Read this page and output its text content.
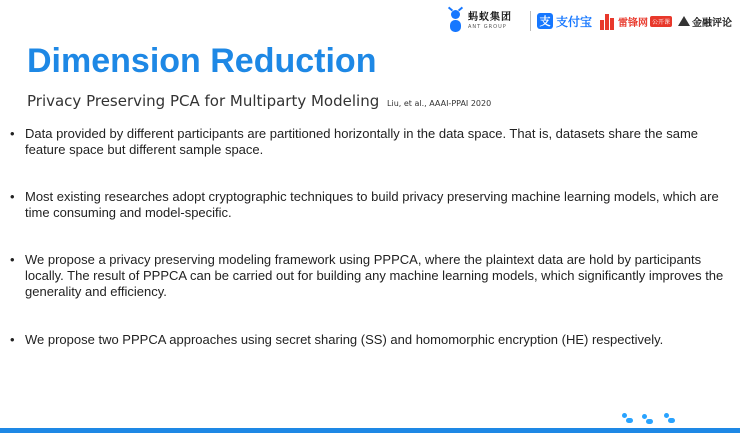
蚂蚁集团
ANT GROUP	支 支付宝	雷锋网 公开课 金融评论
Dimension Reduction
Privacy Preserving PCA for Multiparty Modeling Liu, et al., AAAI-PPAI 2020
• Data provided by different participants are partitioned horizontally in the data space. That is, datasets share the same feature space but different sample space.
• Most existing researches adopt cryptographic techniques to build privacy preserving machine learning models, which are time consuming and model-specific.
• We propose a privacy preserving modeling framework using PPPCA, where the plaintext data are hold by participants locally. The result of PPPCA can be carried out for building any machine learning models, which significantly improves the generality and efficiency.
• We propose two PPPCA approaches using secret sharing (SS) and homomorphic encryption (HE) respectively.
